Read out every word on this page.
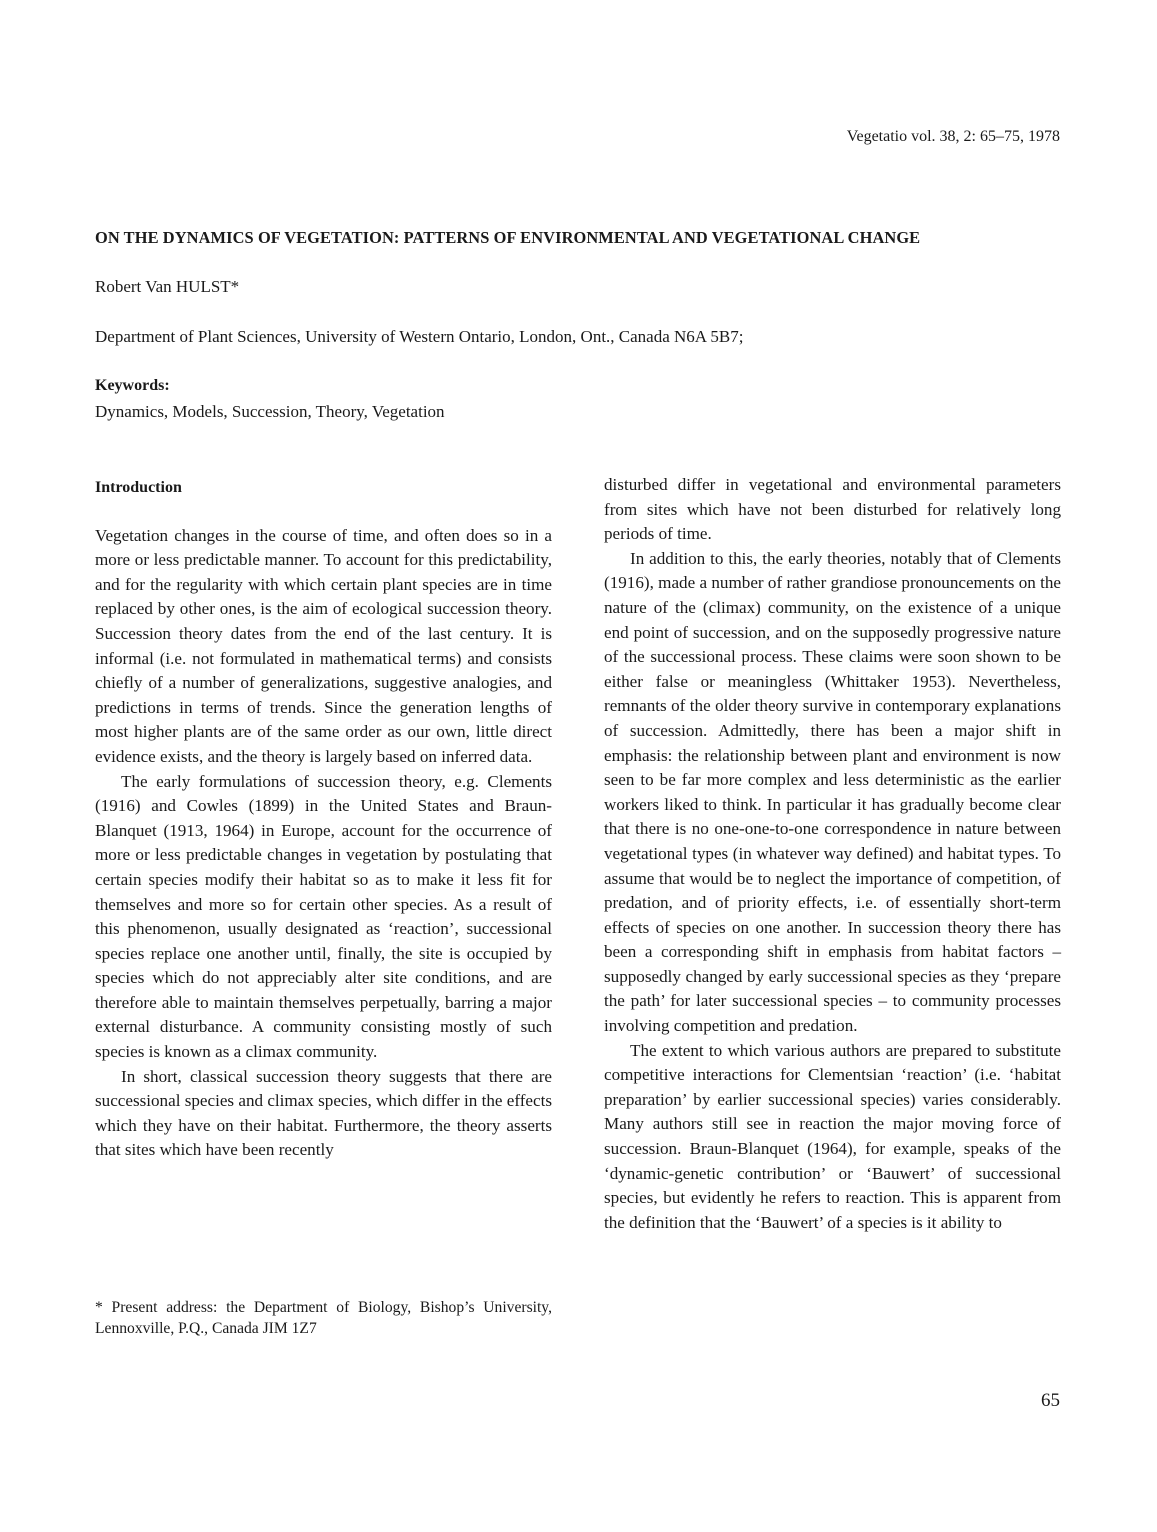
Vegetatio vol. 38, 2: 65–75, 1978
ON THE DYNAMICS OF VEGETATION: PATTERNS OF ENVIRONMENTAL AND VEGETATIONAL CHANGE
Robert Van HULST*
Department of Plant Sciences, University of Western Ontario, London, Ont., Canada N6A 5B7;
Keywords:
Dynamics, Models, Succession, Theory, Vegetation
Introduction

Vegetation changes in the course of time, and often does so in a more or less predictable manner. To account for this predictability, and for the regularity with which certain plant species are in time replaced by other ones, is the aim of ecological succession theory. Succession theory dates from the end of the last century. It is informal (i.e. not formulated in mathematical terms) and consists chiefly of a number of generalizations, suggestive analogies, and predictions in terms of trends. Since the generation lengths of most higher plants are of the same order as our own, little direct evidence exists, and the theory is largely based on inferred data.

The early formulations of succession theory, e.g. Clements (1916) and Cowles (1899) in the United States and Braun-Blanquet (1913, 1964) in Europe, account for the occurrence of more or less predictable changes in vegetation by postulating that certain species modify their habitat so as to make it less fit for themselves and more so for certain other species. As a result of this phenomenon, usually designated as ‘reaction’, successional species replace one another until, finally, the site is occupied by species which do not appreciably alter site conditions, and are therefore able to maintain themselves perpetually, barring a major external disturbance. A community consisting mostly of such species is known as a climax community.

In short, classical succession theory suggests that there are successional species and climax species, which differ in the effects which they have on their habitat. Furthermore, the theory asserts that sites which have been recently

* Present address: the Department of Biology, Bishop’s University, Lennoxville, P.Q., Canada JIM 1Z7

disturbed differ in vegetational and environmental parameters from sites which have not been disturbed for relatively long periods of time.

In addition to this, the early theories, notably that of Clements (1916), made a number of rather grandiose pronouncements on the nature of the (climax) community, on the existence of a unique end point of succession, and on the supposedly progressive nature of the successional process. These claims were soon shown to be either false or meaningless (Whittaker 1953). Nevertheless, remnants of the older theory survive in contemporary explanations of succession. Admittedly, there has been a major shift in emphasis: the relationship between plant and environment is now seen to be far more complex and less deterministic as the earlier workers liked to think. In particular it has gradually become clear that there is no one-one-to-one correspondence in nature between vegetational types (in whatever way defined) and habitat types. To assume that would be to neglect the importance of competition, of predation, and of priority effects, i.e. of essentially short-term effects of species on one another. In succession theory there has been a corresponding shift in emphasis from habitat factors – supposedly changed by early successional species as they ‘prepare the path’ for later successional species – to community processes involving competition and predation.

The extent to which various authors are prepared to substitute competitive interactions for Clementsian ‘reaction’ (i.e. ‘habitat preparation’ by earlier successional species) varies considerably. Many authors still see in reaction the major moving force of succession. Braun-Blanquet (1964), for example, speaks of the ‘dynamic-genetic contribution’ or ‘Bauwert’ of successional species, but evidently he refers to reaction. This is apparent from the definition that the ‘Bauwert’ of a species is it ability to

65
